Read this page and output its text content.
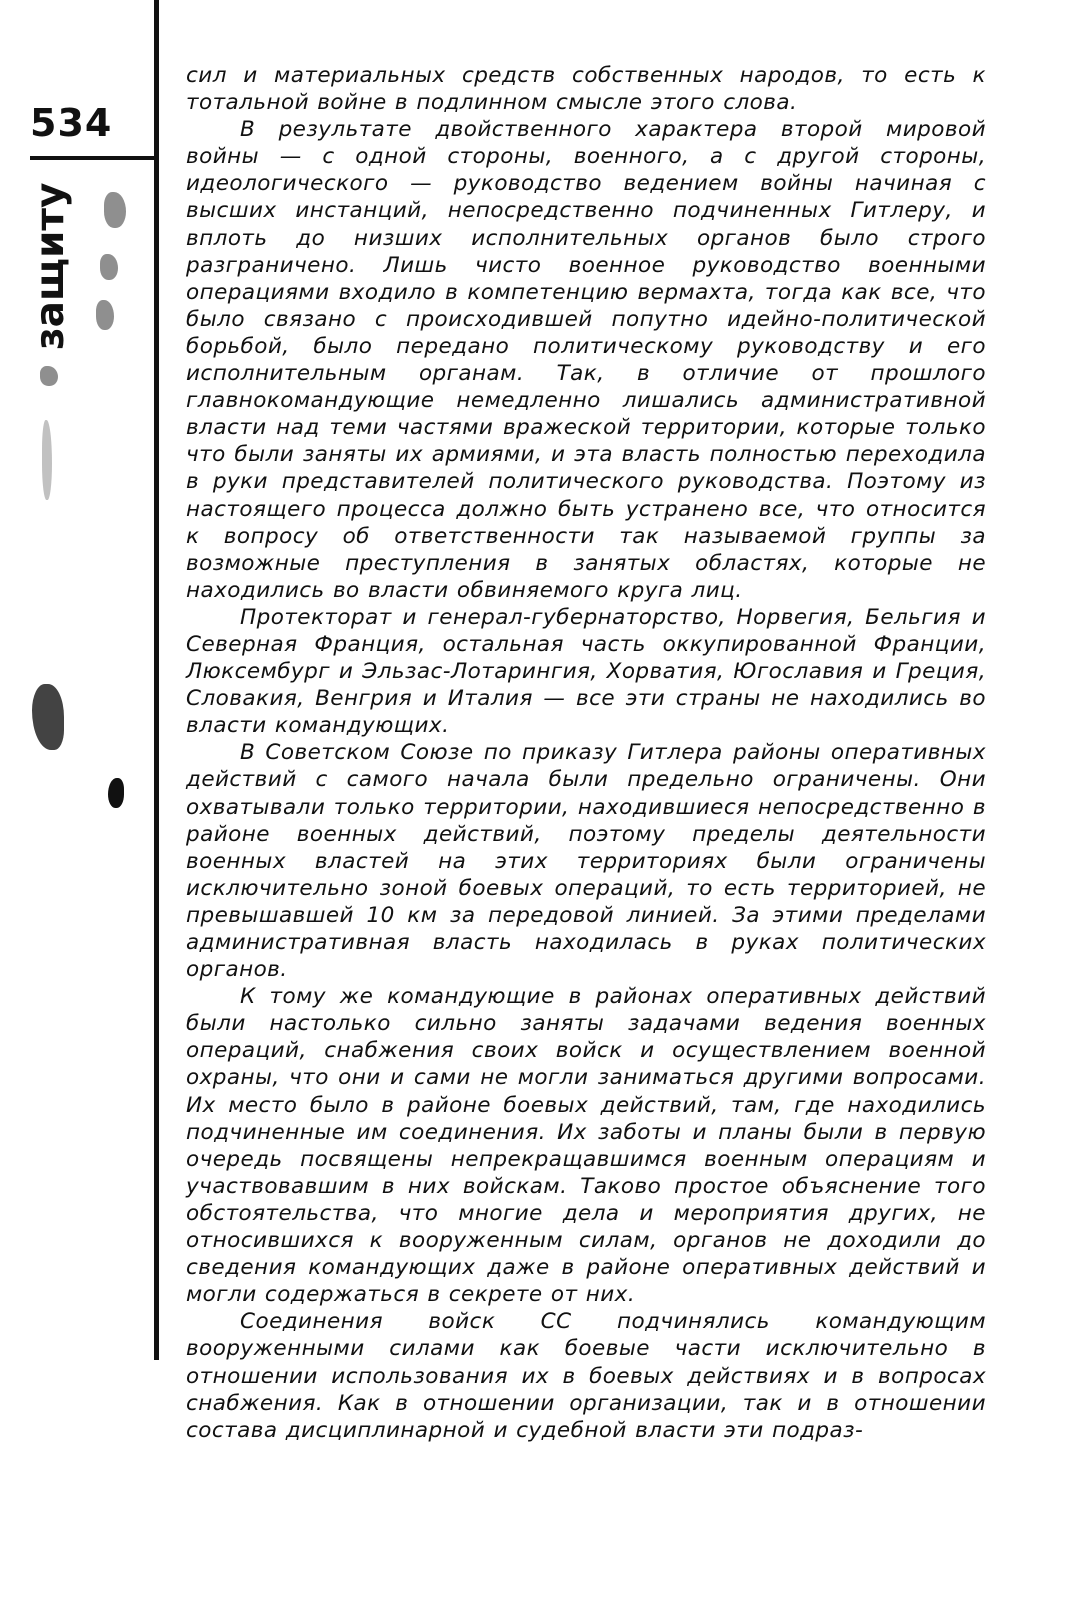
534
защиту

сил и материальных средств собственных народов, то есть к тотальной войне в подлинном смысле этого слова.

В результате двойственного характера второй мировой войны — с одной стороны, военного, а с другой стороны, идеологического — руководство ведением войны начиная с высших инстанций, непосредственно подчиненных Гитлеру, и вплоть до низших исполнительных органов было строго разграничено. Лишь чисто военное руководство военными операциями входило в компетенцию вермахта, тогда как все, что было связано с происходившей попутно идейно-политической борьбой, было передано политическому руководству и его исполнительным органам. Так, в отличие от прошлого главнокомандующие немедленно лишались административной власти над теми частями вражеской территории, которые только что были заняты их армиями, и эта власть полностью переходила в руки представителей политического руководства. Поэтому из настоящего процесса должно быть устранено все, что относится к вопросу об ответственности так называемой группы за возможные преступления в занятых областях, которые не находились во власти обвиняемого круга лиц.

Протекторат и генерал-губернаторство, Норвегия, Бельгия и Северная Франция, остальная часть оккупированной Франции, Люксембург и Эльзас-Лотарингия, Хорватия, Югославия и Греция, Словакия, Венгрия и Италия — все эти страны не находились во власти командующих.

В Советском Союзе по приказу Гитлера районы оперативных действий с самого начала были предельно ограничены. Они охватывали только территории, находившиеся непосредственно в районе военных действий, поэтому пределы деятельности военных властей на этих территориях были ограничены исключительно зоной боевых операций, то есть территорией, не превышавшей 10 км за передовой линией. За этими пределами административная власть находилась в руках политических органов.

К тому же командующие в районах оперативных действий были настолько сильно заняты задачами ведения военных операций, снабжения своих войск и осуществлением военной охраны, что они и сами не могли заниматься другими вопросами. Их место было в районе боевых действий, там, где находились подчиненные им соединения. Их заботы и планы были в первую очередь посвящены непрекращавшимся военным операциям и участвовавшим в них войскам. Таково простое объяснение того обстоятельства, что многие дела и мероприятия других, не относившихся к вооруженным силам, органов не доходили до сведения командующих даже в районе оперативных действий и могли содержаться в секрете от них.

Соединения войск СС подчинялись командующим вооруженными силами как боевые части исключительно в отношении использования их в боевых действиях и в вопросах снабжения. Как в отношении организации, так и в отношении состава дисциплинарной и судебной власти эти подраз-
